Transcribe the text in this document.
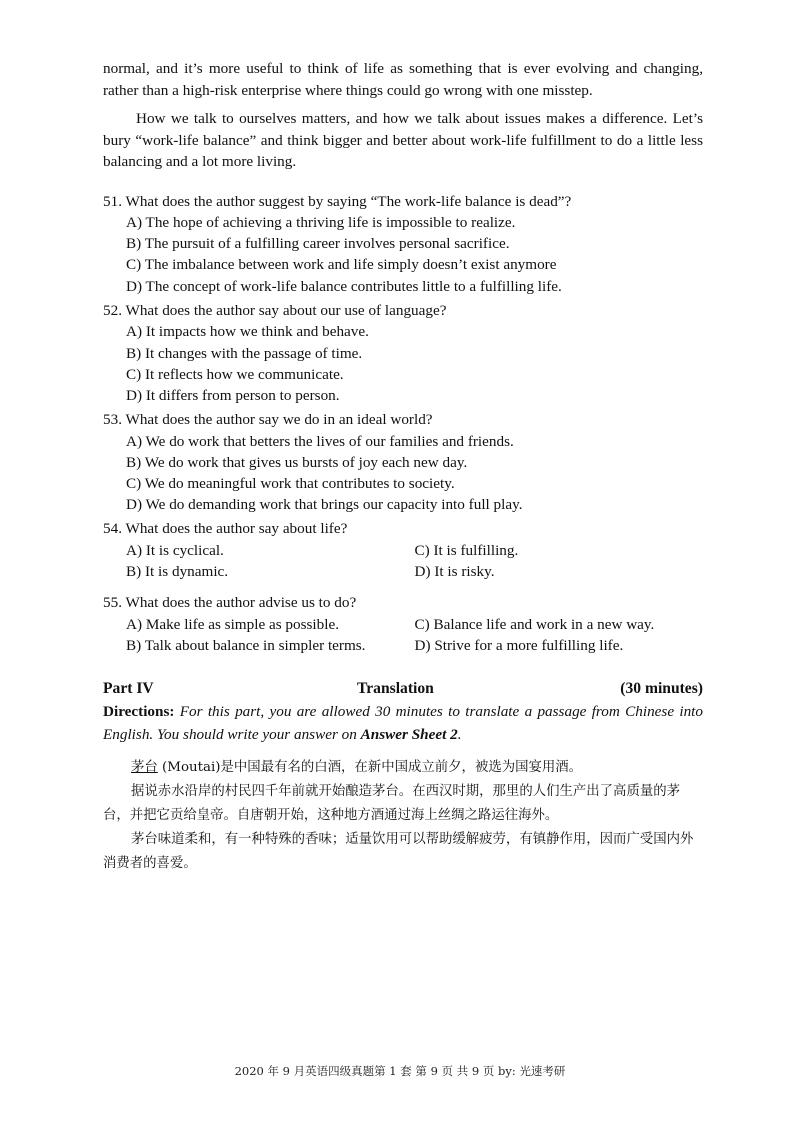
normal, and it’s more useful to think of life as something that is ever evolving and changing, rather than a high-risk enterprise where things could go wrong with one misstep.

How we talk to ourselves matters, and how we talk about issues makes a difference. Let’s bury “work-life balance” and think bigger and better about work-life fulfillment to do a little less balancing and a lot more living.

51. What does the author suggest by saying “The work-life balance is dead”?

A) The hope of achieving a thriving life is impossible to realize.

B) The pursuit of a fulfilling career involves personal sacrifice.

C) The imbalance between work and life simply doesn’t exist anymore

D) The concept of work-life balance contributes little to a fulfilling life.

52. What does the author say about our use of language?

A) It impacts how we think and behave.

B) It changes with the passage of time.

C) It reflects how we communicate.

D) It differs from person to person.

53. What does the author say we do in an ideal world?

A) We do work that betters the lives of our families and friends.

B) We do work that gives us bursts of joy each new day.

C) We do meaningful work that contributes to society.

D) We do demanding work that brings our capacity into full play.

54. What does the author say about life?

A) It is cyclical.	C) It is fulfilling.
B) It is dynamic.	D) It is risky.

55. What does the author advise us to do?

A) Make life as simple as possible.	C) Balance life and work in a new way.
B) Talk about balance in simpler terms.	D) Strive for a more fulfilling life.
Part IV	Translation	(30 minutes)

Directions: For this part, you are allowed 30 minutes to translate a passage from Chinese into English. You should write your answer on Answer Sheet 2.

茅台 (Moutai)是中国最有名的白酒，在新中国成立前夕，被选为国宴用酒。

据说赤水沿岸的村民四千年前就开始酿造茅台。在西汉时期，那里的人们生产出了高质量的茅台，并把它贡给皇帝。自唐朝开始，这种地方酒通过海上丝绸之路运往海外。

茅台味道柔和，有一种特殊的香味；适量饮用可以帮助缓解疲劳，有镇静作用，因而广受国内外消费者的喜爱。

2020 年 9 月英语四级真题第 1 套 第 9 页 共 9 页 by: 光速考研
